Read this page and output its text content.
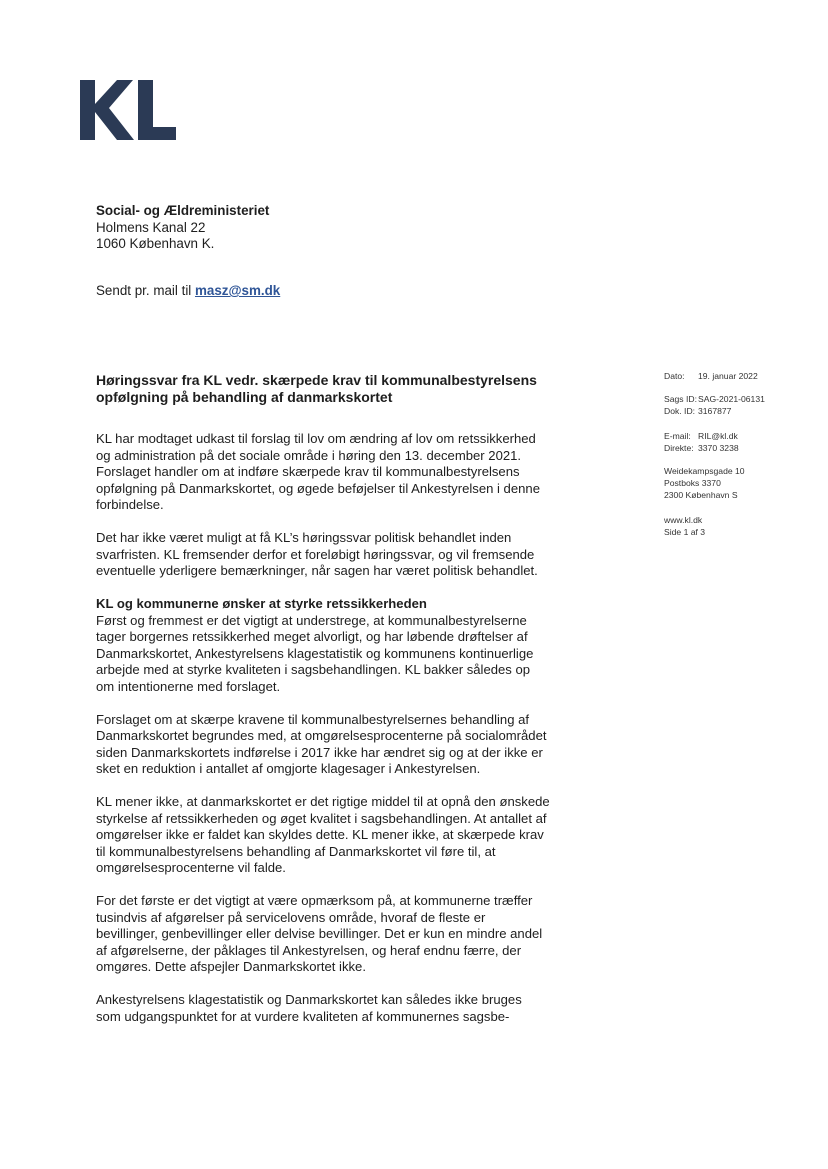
Social- og Ældreministeriet
Holmens Kanal 22
1060 København K.
Sendt pr. mail til masz@sm.dk
Høringssvar fra KL vedr. skærpede krav til kommunalbestyrelsens opfølgning på behandling af danmarkskortet
Dato: 19. januar 2022
Sags ID:SAG-2021-06131
Dok. ID: 3167877
E-mail: RIL@kl.dk
Direkte: 3370 3238
Weidekampsgade 10
Postboks 3370
2300 København S
www.kl.dk
Side 1 af 3

KL har modtaget udkast til forslag til lov om ændring af lov om retssikkerhed og administration på det sociale område i høring den 13. december 2021. Forslaget handler om at indføre skærpede krav til kommunalbestyrelsens opfølgning på Danmarkskortet, og øgede beføjelser til Ankestyrelsen i denne forbindelse.

Det har ikke været muligt at få KL’s høringssvar politisk behandlet inden svarfristen. KL fremsender derfor et foreløbigt høringssvar, og vil fremsende eventuelle yderligere bemærkninger, når sagen har været politisk behandlet.

KL og kommunerne ønsker at styrke retssikkerheden

Først og fremmest er det vigtigt at understrege, at kommunalbestyrelserne tager borgernes retssikkerhed meget alvorligt, og har løbende drøftelser af Danmarkskortet, Ankestyrelsens klagestatistik og kommunens kontinuerlige arbejde med at styrke kvaliteten i sagsbehandlingen. KL bakker således op om intentionerne med forslaget.

Forslaget om at skærpe kravene til kommunalbestyrelsernes behandling af Danmarkskortet begrundes med, at omgørelsesprocenterne på socialområdet siden Danmarkskortets indførelse i 2017 ikke har ændret sig og at der ikke er sket en reduktion i antallet af omgjorte klagesager i Ankestyrelsen.

KL mener ikke, at danmarkskortet er det rigtige middel til at opnå den ønskede styrkelse af retssikkerheden og øget kvalitet i sagsbehandlingen. At antallet af omgørelser ikke er faldet kan skyldes dette. KL mener ikke, at skærpede krav til kommunalbestyrelsens behandling af Danmarkskortet vil føre til, at omgørelsesprocenterne vil falde.

For det første er det vigtigt at være opmærksom på, at kommunerne træffer tusindvis af afgørelser på servicelovens område, hvoraf de fleste er bevillinger, genbevillinger eller delvise bevillinger. Det er kun en mindre andel af afgørelserne, der påklages til Ankestyrelsen, og heraf endnu færre, der omgøres. Dette afspejler Danmarkskortet ikke.

Ankestyrelsens klagestatistik og Danmarkskortet kan således ikke bruges som udgangspunktet for at vurdere kvaliteten af kommunernes sagsbe-
